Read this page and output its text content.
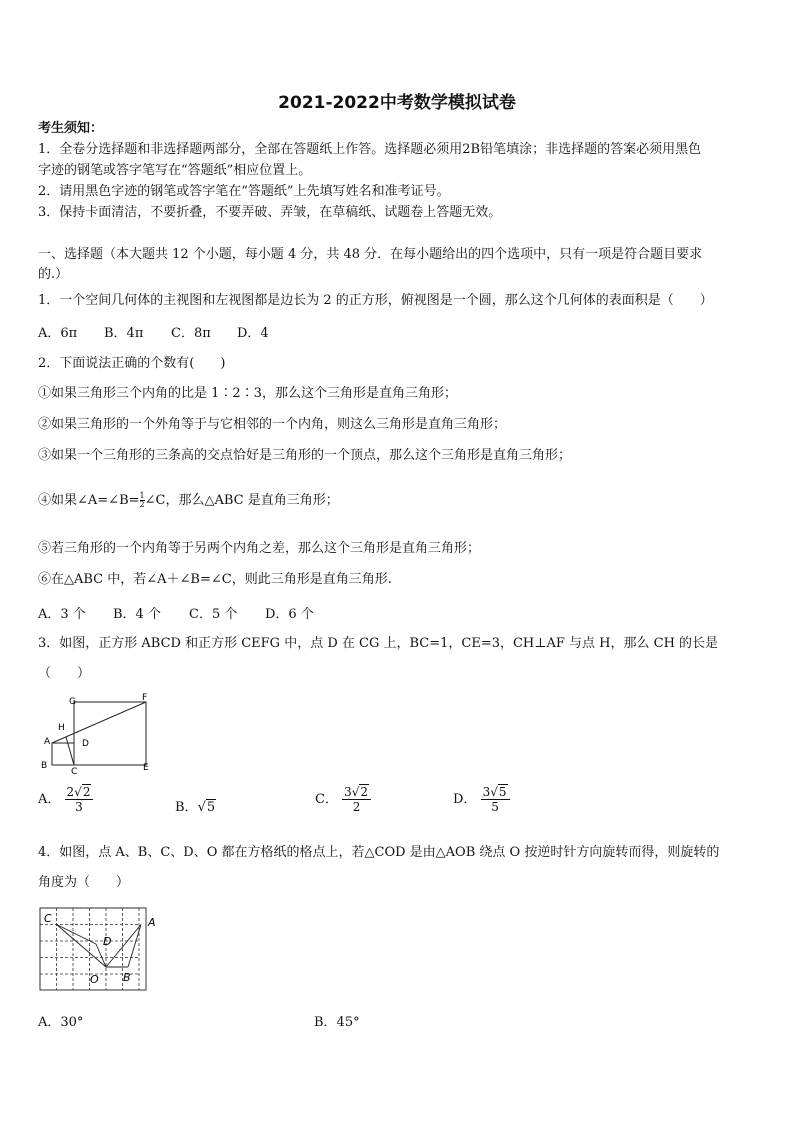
2021-2022中考数学模拟试卷
考生须知：
1．全卷分选择题和非选择题两部分，全部在答题纸上作答。选择题必须用2B铅笔填涂；非选择题的答案必须用黑色
字迹的钢笔或答字笔写在“答题纸”相应位置上。
2．请用黑色字迹的钢笔或答字笔在“答题纸”上先填写姓名和准考证号。
3．保持卡面清洁，不要折叠，不要弄破、弄皱，在草稿纸、试题卷上答题无效。
一、选择题（本大题共 12 个小题，每小题 4 分，共 48 分．在每小题给出的四个选项中，只有一项是符合题目要求
的.）
1．一个空间几何体的主视图和左视图都是边长为 2 的正方形，俯视图是一个圆，那么这个几何体的表面积是（　　）
A．6π B．4π C．8π D．4
2．下面说法正确的个数有(　　)
①如果三角形三个内角的比是 1∶2∶3，那么这个三角形是直角三角形；
②如果三角形的一个外角等于与它相邻的一个内角，则这么三角形是直角三角形；
③如果一个三角形的三条高的交点恰好是三角形的一个顶点，那么这个三角形是直角三角形；
④如果∠A=∠B= $\frac{1}{2}\angle C$，那么△ABC 是直角三角形；
⑤若三角形的一个内角等于另两个内角之差，那么这个三角形是直角三角形；
⑥在△ABC 中，若∠A＋∠B=∠C，则此三角形是直角三角形.
A．3 个 B．4 个 C．5 个 D．6 个
3．如图，正方形 ABCD 和正方形 CEFG 中，点 D 在 CG 上，BC=1，CE=3，CH⊥AF 与点 H，那么 CH 的长是
（　　）
G	F
H
A	D
B
C	E
A． $\frac{2√2}{3}$	B．√5
C． $\frac{3√2}{2}$	D． $\frac{3√5}{5}$
4．如图，点 A、B、C、D、O 都在方格纸的格点上，若△COD 是由△AOB 绕点 O 按逆时针方向旋转而得，则旋转的
角度为（　　）
C	A
D
O B
A．30°	B．45°
